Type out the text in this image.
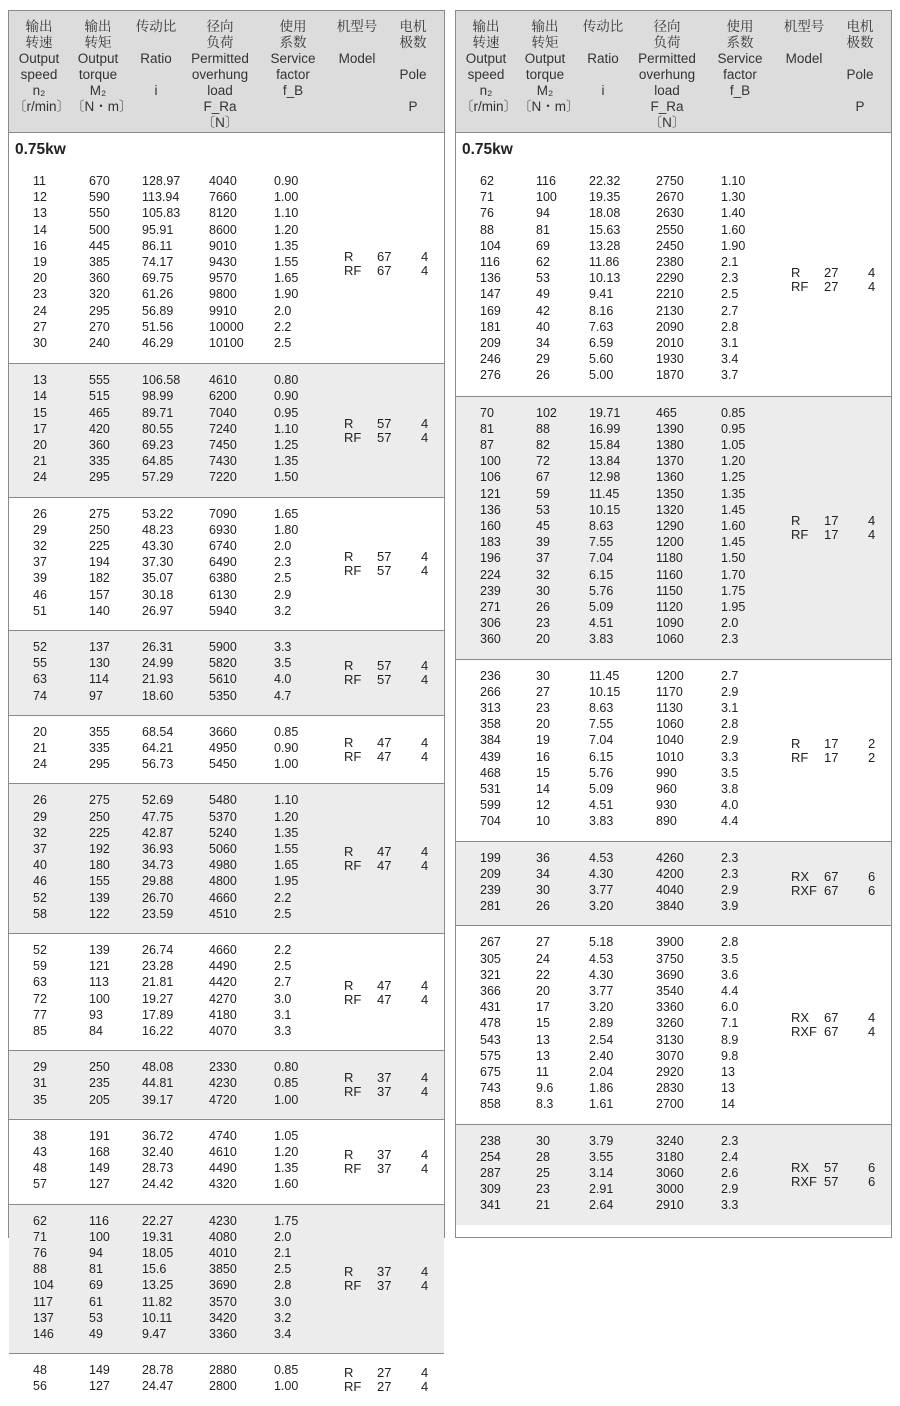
输出
转速
Output
speed
n₂
〔r/min〕
输出
转矩
Output
torque
M₂
〔N・m〕
传动比

Ratio

i

径向
负荷
Permitted
overhung
load
F_Ra
〔N〕
使用
系数
Service
factor
f_B
机型号

Model
电机
极数

Pole

P
0.75kw
11	670	128.97 4040	0.90
12	590	113.94 7660	1.00
13	550	105.83 8120	1.10
14	500	95.91	8600	1.20
16	445	86.11	9010	1.35
19	385	74.17	9430	1.55
20	360	69.75	9570	1.65
23	320	61.26	9800	1.90
24	295	56.89	9910	2.0
27	270	51.56	10000 2.2
30	240	46.29	10100 2.5
R 67 4
RF 67 4
13	555	106.58 4610	0.80
14	515	98.99	6200	0.90
15	465	89.71	7040	0.95
17	420	80.55	7240	1.10
20	360	69.23	7450	1.25
21	335	64.85	7430	1.35
24	295	57.29	7220	1.50
R 57 4
RF 57 4
26	275	53.22	7090	1.65
29	250	48.23	6930	1.80
32	225	43.30	6740	2.0
37	194	37.30	6490	2.3
39	182	35.07	6380	2.5
46	157	30.18	6130	2.9
51	140	26.97	5940	3.2
R 57 4
RF 57 4
52	137	26.31	5900	3.3
55	130	24.99	5820	3.5
63	114	21.93	5610	4.0
74	97	18.60	5350	4.7
R 57 4
RF 57 4
20	355	68.54	3660	0.85
21	335	64.21	4950	0.90
24	295	56.73	5450	1.00
R 47 4
RF 47 4
26	275	52.69	5480	1.10
29	250	47.75	5370	1.20
32	225	42.87	5240	1.35
37	192	36.93	5060	1.55
40	180	34.73	4980	1.65
46	155	29.88	4800	1.95
52	139	26.70	4660	2.2
58	122	23.59	4510	2.5
R 47 4
RF 47 4
52	139	26.74	4660	2.2
59	121	23.28	4490	2.5
63	113	21.81	4420	2.7
72	100	19.27	4270	3.0
77	93	17.89	4180	3.1
85	84	16.22	4070	3.3
R 47 4
RF 47 4
29	250	48.08	2330	0.80
31	235	44.81	4230	0.85
35	205	39.17	4720	1.00
R 37 4
RF 37 4
38	191	36.72	4740	1.05
43	168	32.40	4610	1.20
48	149	28.73	4490	1.35
57	127	24.42	4320	1.60
R 37 4
RF 37 4
62	116	22.27	4230	1.75
71	100	19.31	4080	2.0
76	94	18.05	4010	2.1
88	81	15.6	3850	2.5
104	69	13.25	3690	2.8
117	61	11.82	3570	3.0
137	53	10.11	3420	3.2
146	49	9.47	3360	3.4
R 37 4
RF 37 4
48	149	28.78	2880	0.85
56	127	24.47	2800	1.00
R 27 4
RF 27 4
输出
转速
Output
speed
n₂
〔r/min〕
输出
转矩
Output
torque
M₂
〔N・m〕
传动比

Ratio

i

径向
负荷
Permitted
overhung
load
F_Ra
〔N〕
使用
系数
Service
factor
f_B
机型号

Model
电机
极数

Pole

P
0.75kw
62	116	22.32	2750	1.10
71	100	19.35	2670	1.30
76	94	18.08	2630	1.40
88	81	15.63	2550	1.60
104	69	13.28	2450	1.90
116	62	11.86	2380	2.1
136	53	10.13	2290	2.3
147	49	9.41	2210	2.5
169	42	8.16	2130	2.7
181	40	7.63	2090	2.8
209	34	6.59	2010	3.1
246	29	5.60	1930	3.4
276	26	5.00	1870	3.7
R 27 4
RF 27 4
70	102	19.71	465	0.85
81	88	16.99	1390	0.95
87	82	15.84	1380	1.05
100	72	13.84	1370	1.20
106	67	12.98	1360	1.25
121	59	11.45	1350	1.35
136	53	10.15	1320	1.45
160	45	8.63	1290	1.60
183	39	7.55	1200	1.45
196	37	7.04	1180	1.50
224	32	6.15	1160	1.70
239	30	5.76	1150	1.75
271	26	5.09	1120	1.95
306	23	4.51	1090	2.0
360	20	3.83	1060	2.3
R 17 4
RF 17 4
236	30	11.45	1200	2.7
266	27	10.15	1170	2.9
313	23	8.63	1130	3.1
358	20	7.55	1060	2.8
384	19	7.04	1040	2.9
439	16	6.15	1010	3.3
468	15	5.76	990	3.5
531	14	5.09	960	3.8
599	12	4.51	930	4.0
704	10	3.83	890	4.4
R 17 2
RF 17 2
199	36	4.53	4260	2.3
209	34	4.30	4200	2.3
239	30	3.77	4040	2.9
281	26	3.20	3840	3.9
RX 67 6
RXF 67 6
267	27	5.18	3900	2.8
305	24	4.53	3750	3.5
321	22	4.30	3690	3.6
366	20	3.77	3540	4.4
431	17	3.20	3360	6.0
478	15	2.89	3260	7.1
543	13	2.54	3130	8.9
575	13	2.40	3070	9.8
675	11	2.04	2920	13
743	9.6	1.86	2830	13
858	8.3	1.61	2700	14
RX 67 4
RXF 67 4
238	30	3.79	3240	2.3
254	28	3.55	3180	2.4
287	25	3.14	3060	2.6
309	23	2.91	3000	2.9
341	21	2.64	2910	3.3
RX 57 6
RXF 57 6
